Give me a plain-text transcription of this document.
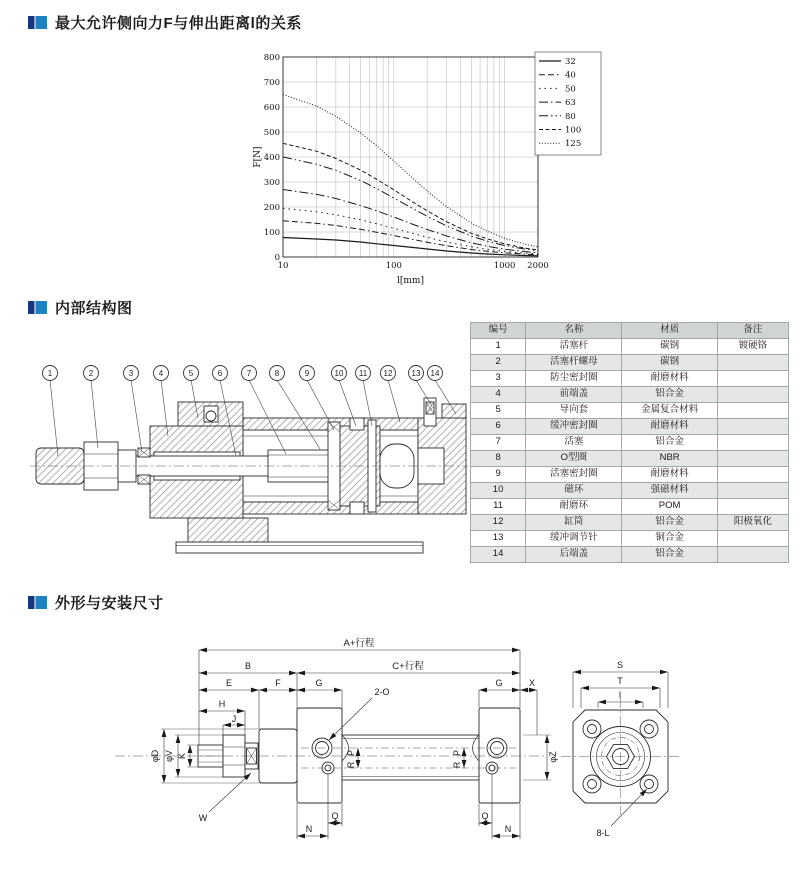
最大允许侧向力F与伸出距离l的关系
0
100
200
300
400
500
600
700
800
10	100	1000 2000
F[N]
l[mm]
32
40
50
63
80
100
125
内部结构图
1	2	3	4	5	6	7	8	9	10 11 12 13 14
编号	名称	材质	备注
1	活塞杆	碳钢	镀硬铬
2	活塞杆螺母	碳钢	
3	防尘密封圈	耐磨材料	
4	前端盖	铝合金	
5	导向套	金属复合材料	
6	缓冲密封圈	耐磨材料	
7	活塞	铝合金	
8	O型圈	NBR	
9	活塞密封圈	耐磨材料	
10	磁环	强磁材料	
11	耐磨环	POM	
12	缸筒	铝合金	阳极氧化
13	缓冲调节针	铜合金	
14	后端盖	铝合金	
外形与安装尺寸
A+行程
B	C+行程
E	F	G	G	X
H
J
φD φV K
W
2-O
P
R
P
R
Q
N
Q
N
φZ
S
T
I
8-L
